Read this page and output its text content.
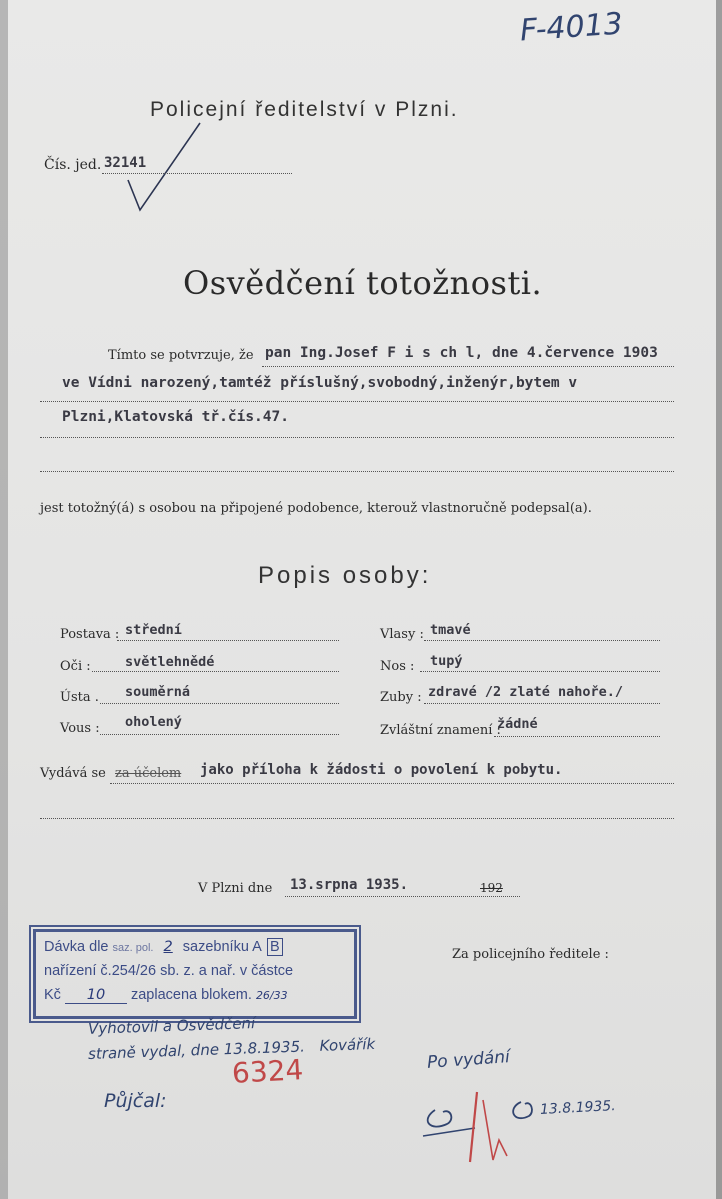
F-4013
Policejní ředitelství v Plzni.
Čís. jed. 32141
Osvědčení totožnosti.
Tímto se potvrzuje, že pan Ing.Josef F i s ch l, dne 4.července 1903
ve Vídni narozený,tamtéž příslušný,svobodný,inženýr,bytem v
Plzni,Klatovská tř.čís.47.
jest totožný(á) s osobou na připojené podobence, kterouž vlastnoručně podepsal(a).
Popis osoby:
Postava : střední
Oči :	světlehnědé
Ústa . souměrná
Vous : oholený
Vlasy : tmavé
Nos : tupý
Zuby : zdravé /2 zlaté nahoře./
Zvláštní znamení :
žádné
Vydává se za účelem jako příloha k žádosti o povolení k pobytu.
V Plzni dne 13.srpna 1935.	192
Dávka dle saz. pol. 2 sazebníku A B
nařízení č.254/26 sb. z. a nař. v částce
Kč 10 zaplacena blokem. 26/33
Za policejního ředitele :
Vyhotovil a Osvědčení
straně vydal, dne 13.8.1935. Kovářík
6324	Po vydání
Půjčal:	13.8.1935.
